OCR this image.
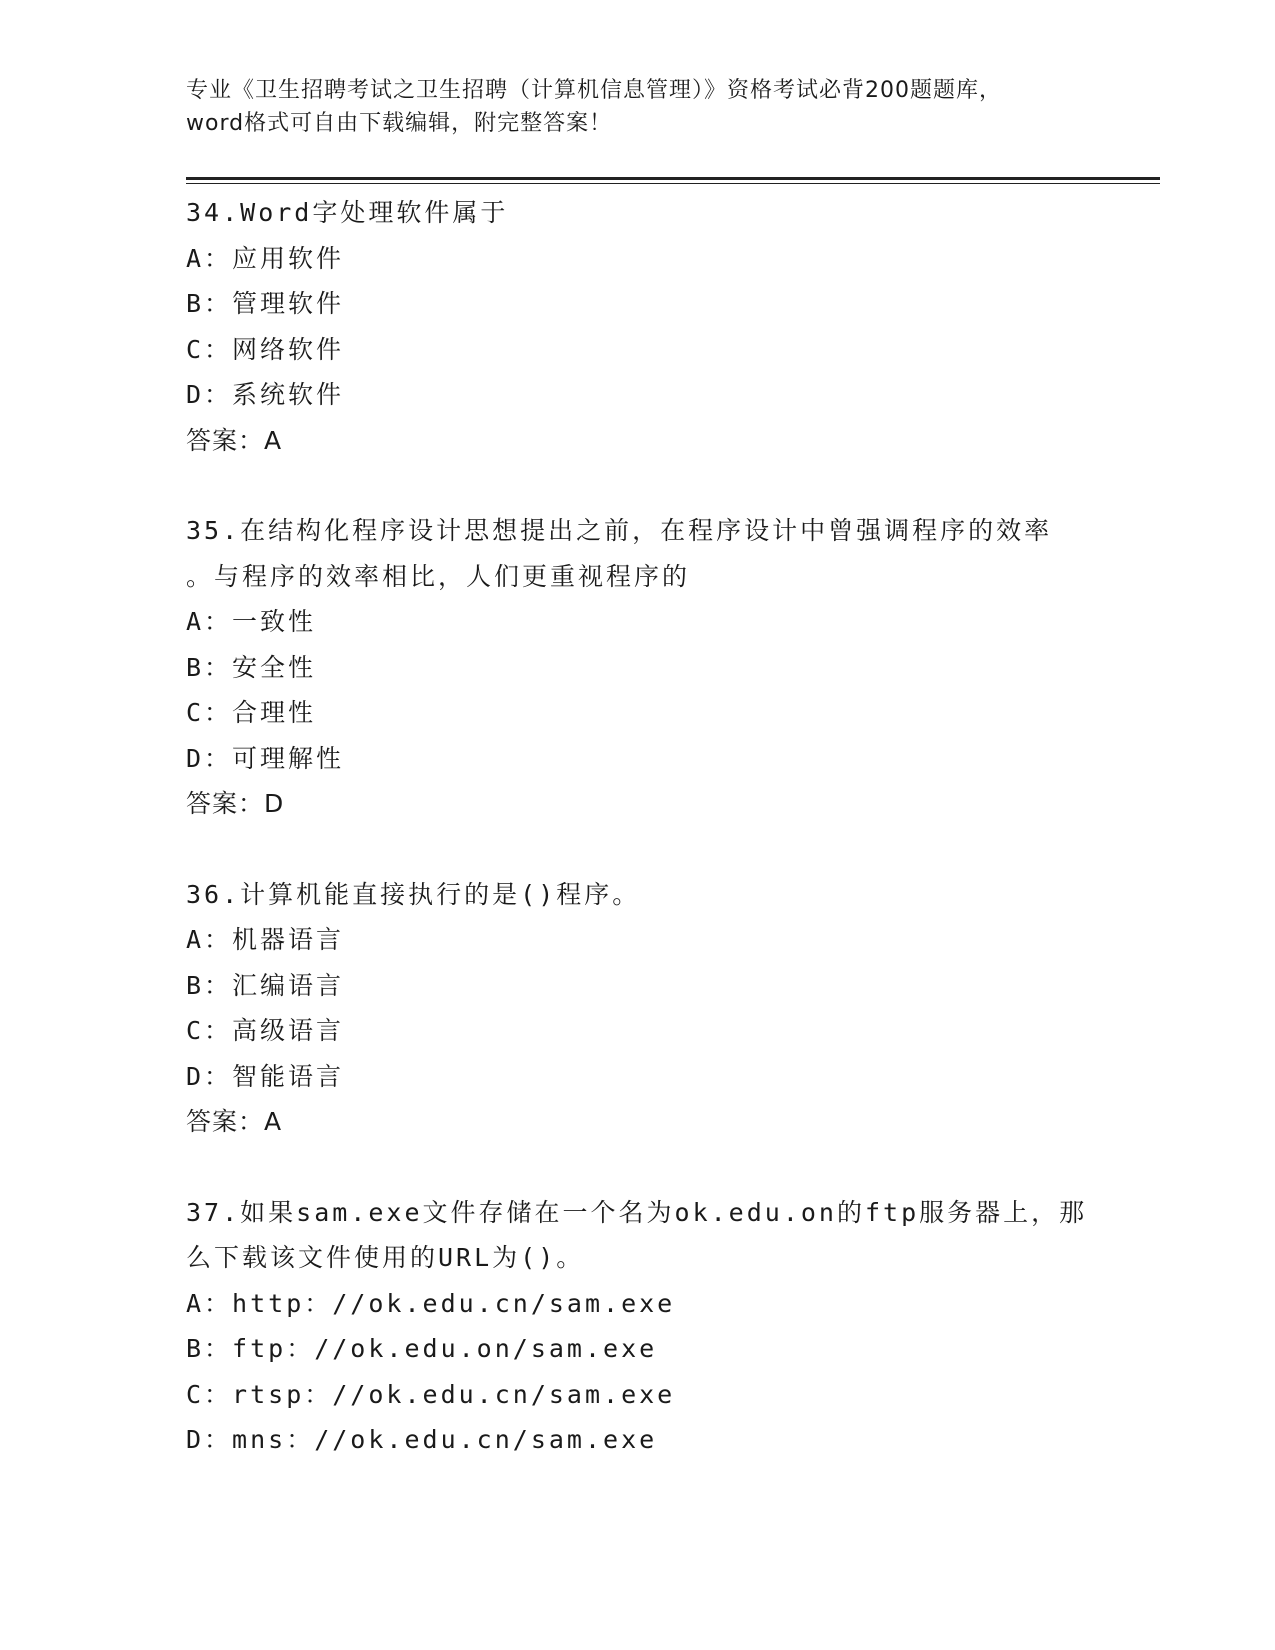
专业《卫生招聘考试之卫生招聘（计算机信息管理）》资格考试必背200题题库，
word格式可自由下载编辑，附完整答案！
34.Word字处理软件属于
A：应用软件
B：管理软件
C：网络软件
D：系统软件
答案：A
35.在结构化程序设计思想提出之前，在程序设计中曾强调程序的效率
。与程序的效率相比，人们更重视程序的
A：一致性
B：安全性
C：合理性
D：可理解性
答案：D
36.计算机能直接执行的是()程序。
A：机器语言
B：汇编语言
C：高级语言
D：智能语言
答案：A
37.如果sam.exe文件存储在一个名为ok.edu.on的ftp服务器上，那
么下载该文件使用的URL为()。
A：http：//ok.edu.cn/sam.exe
B：ftp：//ok.edu.on/sam.exe
C：rtsp：//ok.edu.cn/sam.exe
D：mns：//ok.edu.cn/sam.exe
